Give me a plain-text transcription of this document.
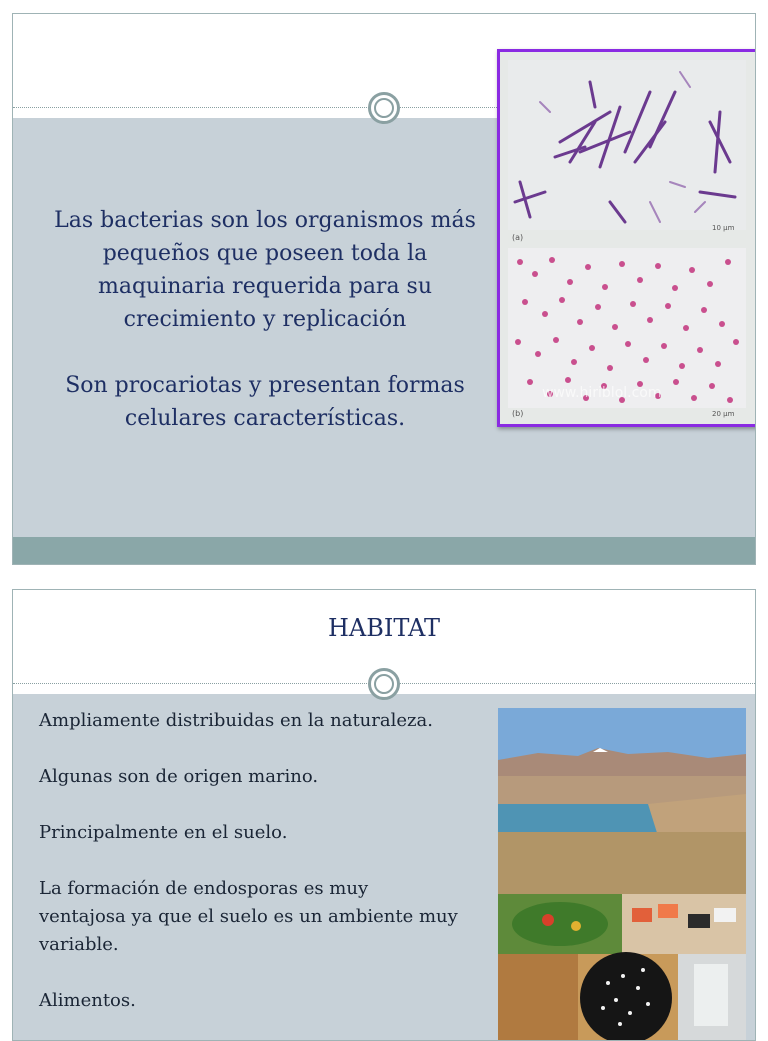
Las bacterias son los organismos más pequeños que poseen toda la maquinaria requerida para su crecimiento y replicación

Son procariotas y presentan formas celulares características.

(a)
10 µm
www.hiriblol.com
(b)	20 µm
HABITAT

Ampliamente distribuidas en la naturaleza.

Algunas son de origen marino.

Principalmente en el suelo.

La formación de endosporas es muy ventajosa ya que el suelo es un ambiente muy variable.

Alimentos.
